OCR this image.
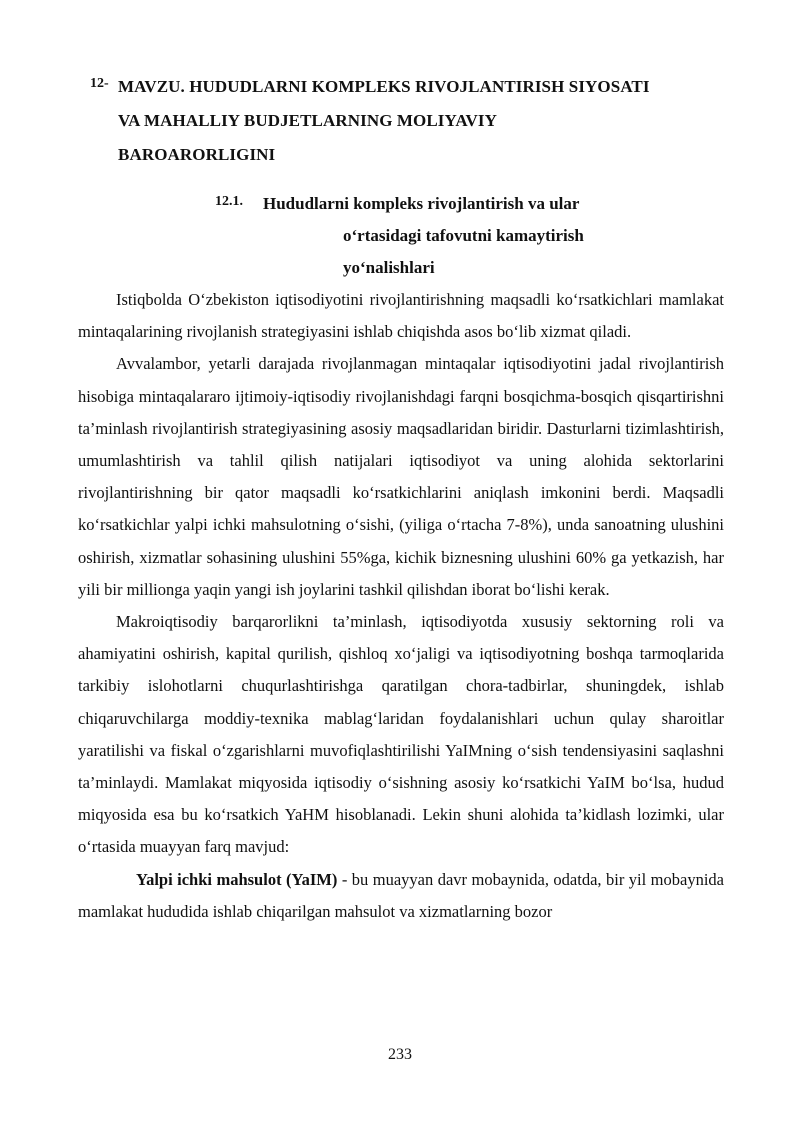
12- MAVZU. HUDUDLARNI KOMPLEKS RIVOJLANTIRISH SIYOSATI
VA MAHALLIY BUDJETLARNING MOLIYAVIY
BAROARORLIGINI
12.1. Hududlarni kompleks rivojlantirish va ular
o‘rtasidagi tafovutni kamaytirish
yo‘nalishlari

Istiqbolda O‘zbekiston iqtisodiyotini rivojlantirishning maqsadli ko‘rsatkichlari mamlakat mintaqalarining rivojlanish strategiyasini ishlab chiqishda asos bo‘lib xizmat qiladi.

Avvalambor, yetarli darajada rivojlanmagan mintaqalar iqtisodiyotini jadal rivojlantirish hisobiga mintaqalararo ijtimoiy-iqtisodiy rivojlanishdagi farqni bosqichma-bosqich qisqartirishni ta’minlash rivojlantirish strategiyasining asosiy maqsadlaridan biridir. Dasturlarni tizimlashtirish, umumlashtirish va tahlil qilish natijalari iqtisodiyot va uning alohida sektorlarini rivojlantirishning bir qator maqsadli ko‘rsatkichlarini aniqlash imkonini berdi. Maqsadli ko‘rsatkichlar yalpi ichki mahsulotning o‘sishi, (yiliga o‘rtacha 7-8%), unda sanoatning ulushini oshirish, xizmatlar sohasining ulushini 55%ga, kichik biznesning ulushini 60% ga yetkazish, har yili bir millionga yaqin yangi ish joylarini tashkil qilishdan iborat bo‘lishi kerak.

Makroiqtisodiy barqarorlikni ta’minlash, iqtisodiyotda xususiy sektorning roli va ahamiyatini oshirish, kapital qurilish, qishloq xo‘jaligi va iqtisodiyotning boshqa tarmoqlarida tarkibiy islohotlarni chuqurlashtirishga qaratilgan chora-tadbirlar, shuningdek, ishlab chiqaruvchilarga moddiy-texnika mablag‘laridan foydalanishlari uchun qulay sharoitlar yaratilishi va fiskal o‘zgarishlarni muvofiqlashtirilishi YaIMning o‘sish tendensiyasini saqlashni ta’minlaydi. Mamlakat miqyosida iqtisodiy o‘sishning asosiy ko‘rsatkichi YaIM bo‘lsa, hudud miqyosida esa bu ko‘rsatkich YaHM hisoblanadi. Lekin shuni alohida ta’kidlash lozimki, ular o‘rtasida muayyan farq mavjud:

Yalpi ichki mahsulot (YaIM) - bu muayyan davr mobaynida, odatda, bir yil mobaynida mamlakat hududida ishlab chiqarilgan mahsulot va xizmatlarning bozor

233
